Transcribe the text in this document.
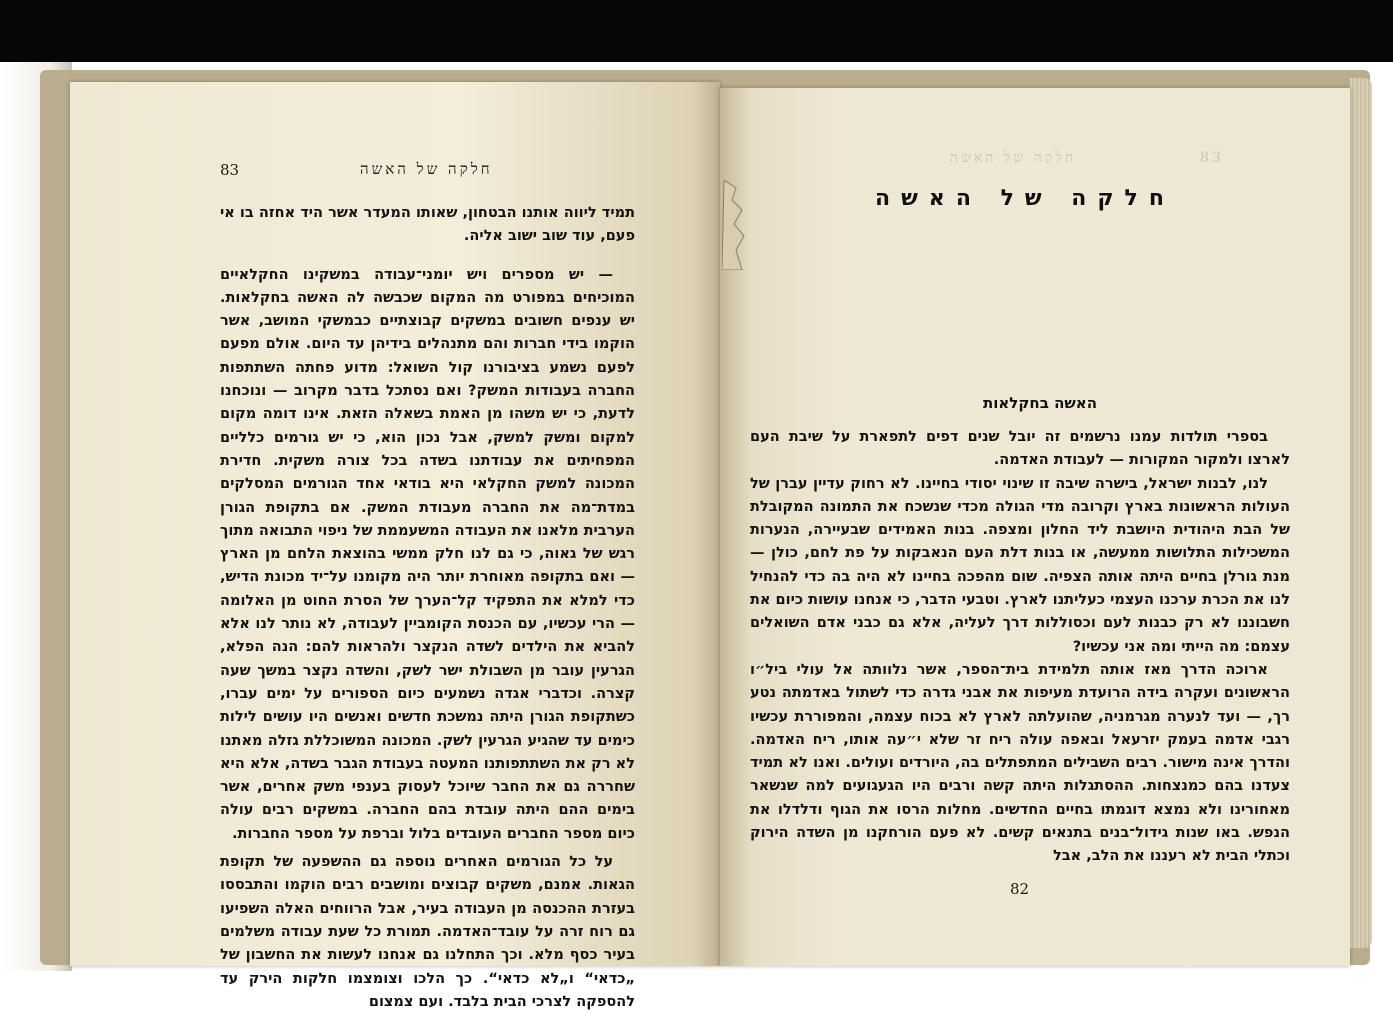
83	חלקה של האשה

תמיד ליווה אותנו הבטחון, שאותו המעדר אשר היד אחזה בו אי פעם, עוד שוב ישוב אליה.

— יש מספרים ויש יומני־עבודה במשקינו החקלאיים המוכיחים במפורט מה המקום שכבשה לה האשה בחקלאות. יש ענפים חשובים במשקים קבוצתיים כבמשקי המושב, אשר הוקמו בידי חברות והם מתנהלים בידיהן עד היום. אולם מפעם לפעם נשמע בציבורנו קול השואל: מדוע פחתה השתתפות החברה בעבודות המשק? ואם נסתכל בדבר מקרוב — ונוכחנו לדעת, כי יש משהו מן האמת בשאלה הזאת. אינו דומה מקום למקום ומשק למשק, אבל נכון הוא, כי יש גורמים כלליים המפחיתים את עבודתנו בשדה בכל צורה משקית. חדירת המכונה למשק החקלאי היא בודאי אחד הגורמים המסלקים במדת־מה את החברה מעבודת המשק. אם בתקופת הגורן הערבית מלאנו את העבודה המשעממת של ניפוי התבואה מתוך רגש של גאוה, כי גם לנו חלק ממשי בהוצאת הלחם מן הארץ — ואם בתקופה מאוחרת יותר היה מקומנו על־יד מכונת הדיש, כדי למלא את התפקיד קל־הערך של הסרת החוט מן האלומה — הרי עכשיו, עם הכנסת הקומביין לעבודה, לא נותר לנו אלא להביא את הילדים לשדה הנקצר ולהראות להם: הנה הפלא, הגרעין עובר מן השבולת ישר לשק, והשדה נקצר במשך שעה קצרה. וכדברי אגדה נשמעים כיום הספורים על ימים עברו, כשתקופת הגורן היתה נמשכת חדשים ואנשים היו עושים לילות כימים עד שהגיע הגרעין לשק. המכונה המשוכללת גזלה מאתנו לא רק את השתתפותנו המעטה בעבודת הגבר בשדה, אלא היא שחררה גם את החבר שיוכל לעסוק בענפי משק אחרים, אשר בימים ההם היתה עובדת בהם החברה. במשקים רבים עולה כיום מספר החברים העובדים בלול וברפת על מספר החברות.

על כל הגורמים האחרים נוספה גם ההשפעה של תקופת הגאות. אמנם, משקים קבוצים ומושבים רבים הוקמו והתבססו בעזרת ההכנסה מן העבודה בעיר, אבל הרווחים האלה השפיעו גם רוח זרה על עובד־האדמה. תמורת כל שעת עבודה משלמים בעיר כסף מלא. וכך התחלנו גם אנחנו לעשות את החשבון של „כדאי“ ו„לא כדאי“. כך הלכו וצומצמו חלקות הירק עד להספקה לצרכי הבית בלבד. ועם צמצום

83
חלקה של האשה
חלקה של האשה
האשה בחקלאות

בספרי תולדות עמנו נרשמים זה יובל שנים דפים לתפארת על שיבת העם לארצו ולמקור המקורות — לעבודת האדמה.

לנו, לבנות ישראל, בישרה שיבה זו שינוי יסודי בחיינו. לא רחוק עדיין עברן של העולות הראשונות בארץ וקרובה מדי הגולה מכדי שנשכח את התמונה המקובלת של הבת היהודית היושבת ליד החלון ומצפה. בנות האמידים שבעיירה, הנערות המשכילות התלושות ממעשה, או בנות דלת העם הנאבקות על פת לחם, כולן — מנת גורלן בחיים היתה אותה הצפיה. שום מהפכה בחיינו לא היה בה כדי להנחיל לנו את הכרת ערכנו העצמי כעליתנו לארץ. וטבעי הדבר, כי אנחנו עושות כיום את חשבוננו לא רק כבנות לעם וכסוללות דרך לעליה, אלא גם כבני אדם השואלים עצמם: מה הייתי ומה אני עכשיו?

ארוכה הדרך מאז אותה תלמידת בית־הספר, אשר נלוותה אל עולי ביל״ו הראשונים ועקרה בידה הרועדת מעיפות את אבני גדרה כדי לשתול באדמתה נטע רך, — ועד לנערה מגרמניה, שהועלתה לארץ לא בכוח עצמה, והמפוררת עכשיו רגבי אדמה בעמק יזרעאל ובאפה עולה ריח זר שלא י״עה אותו, ריח האדמה. והדרך אינה מישור. רבים השבילים המתפתלים בה, היורדים ועולים. ואנו לא תמיד צעדנו בהם כמנצחות. ההסתגלות היתה קשה ורבים היו הגעגועים למה שנשאר מאחורינו ולא נמצא דוגמתו בחיים החדשים. מחלות הרסו את הגוף ודלדלו את הנפש. באו שנות גידול־בנים בתנאים קשים. לא פעם הורחקנו מן השדה הירוק וכתלי הבית לא רעננו את הלב, אבל

82
